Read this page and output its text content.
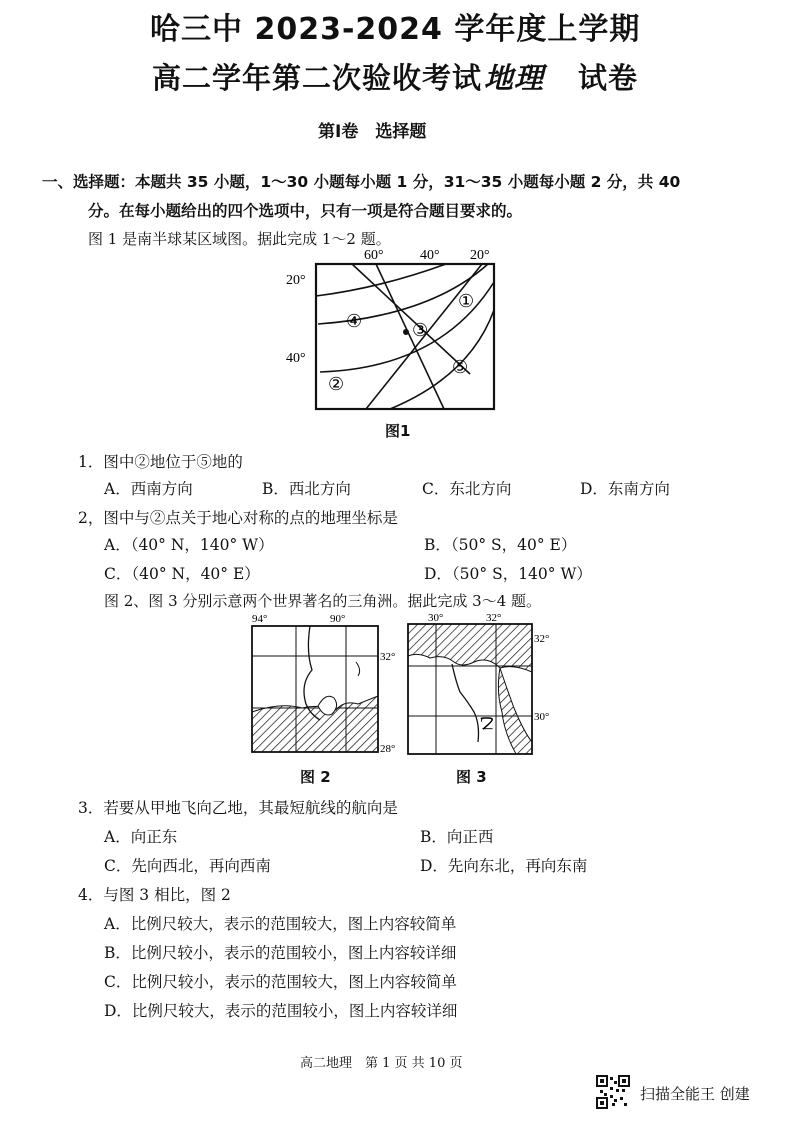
哈三中 2023-2024 学年度上学期
高二学年第二次验收考试 地理 试卷
第Ⅰ卷　选择题
一、选择题：本题共 35 小题，1～30 小题每小题 1 分，31～35 小题每小题 2 分，共 40
分。在每小题给出的四个选项中，只有一项是符合题目要求的。
图 1 是南半球某区域图。据此完成 1～2 题。
60°	40° 20°
20°
40°
①
②
③
④
⑤
图1
1．图中②地位于⑤地的
A．西南方向	B．西北方向	C．东北方向	D．东南方向
2，图中与②点关于地心对称的点的地理坐标是
A．（40° N，140° W）	B．（50° S，40° E）
C．（40° N，40° E）	D．（50° S，140° W）
图 2、图 3 分别示意两个世界著名的三角洲。据此完成 3～4 题。
94°	90°
32°
28°
图 2
30°	32°
32°
30°
乙
图 3
3．若要从甲地飞向乙地，其最短航线的航向是
A．向正东	B．向正西
C．先向西北，再向西南	D．先向东北，再向东南
4．与图 3 相比，图 2
A．比例尺较大，表示的范围较大，图上内容较简单
B．比例尺较小，表示的范围较小，图上内容较详细
C．比例尺较小，表示的范围较大，图上内容较简单
D．比例尺较大，表示的范围较小，图上内容较详细
高二地理　第 1 页 共 10 页
扫描全能王 创建
